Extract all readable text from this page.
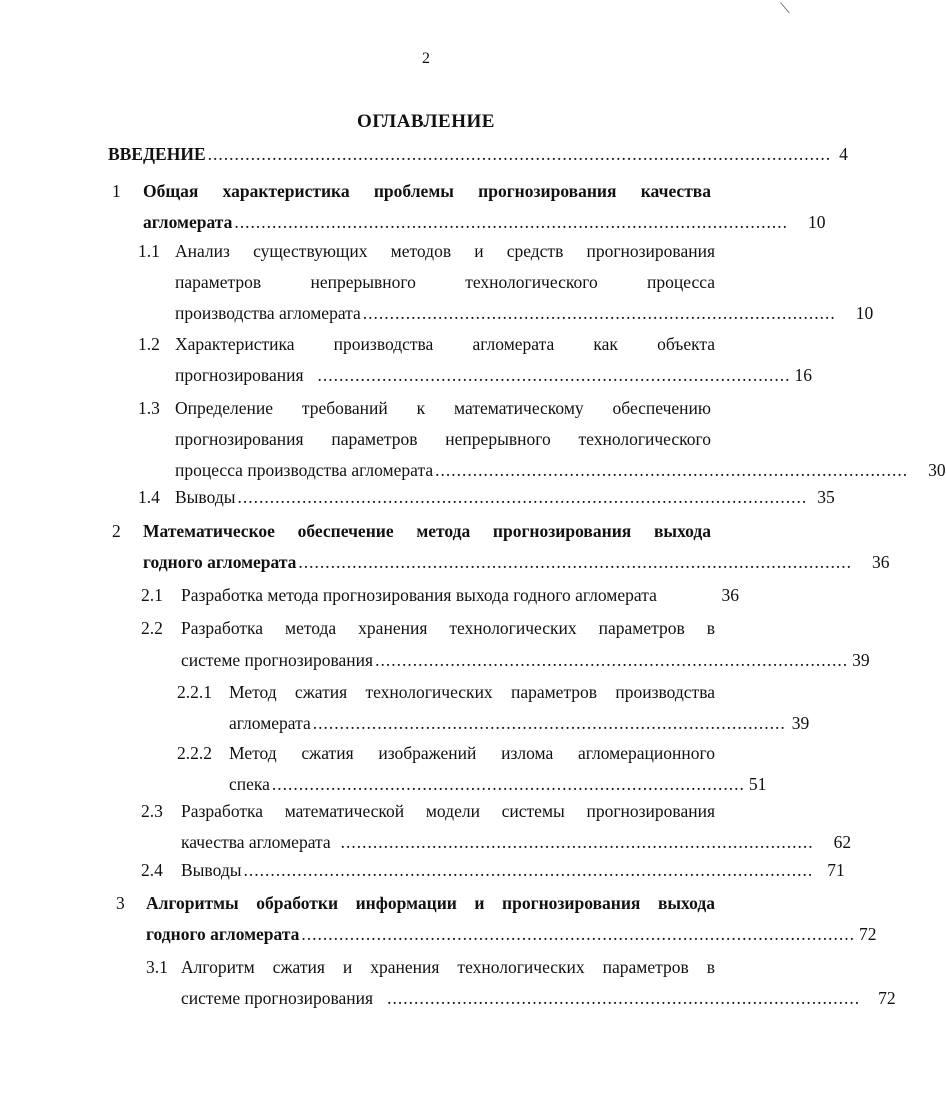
2
ОГЛАВЛЕНИЕ
ВВЕДЕНИЕ .................................................................................................................... 4
1 Общая характеристика проблемы прогнозирования качества
агломерата ....................................................................................................... 10
1.1 Анализ существующих методов и средств прогнозирования
параметров непрерывного технологического процесса
производства агломерата ........................................................................................ 10
1.2 Характеристика производства агломерата как объекта
прогнозирования ........................................................................................ 16
1.3 Определение требований к математическому обеспечению
прогнозирования параметров непрерывного технологического
процесса производства агломерата ........................................................................................ 30
1.4 Выводы .......................................................................................................... 35
2 Математическое обеспечение метода прогнозирования выхода
годного агломерата ....................................................................................................... 36
2.1 Разработка метода прогнозирования выхода годного агломерата	36
2.2 Разработка метода хранения технологических параметров в
системе прогнозирования ........................................................................................ 39
2.2.1 Метод сжатия технологических параметров производства
агломерата ........................................................................................ 39
2.2.2 Метод сжатия изображений излома агломерационного
спека ........................................................................................ 51
2.3 Разработка математической модели системы прогнозирования
качества агломерата ........................................................................................ 62
2.4 Выводы .......................................................................................................... 71
3 Алгоритмы обработки информации и прогнозирования выхода
годного агломерата ....................................................................................................... 72
3.1 Алгоритм сжатия и хранения технологических параметров в
системе прогнозирования ........................................................................................ 72
⟍
